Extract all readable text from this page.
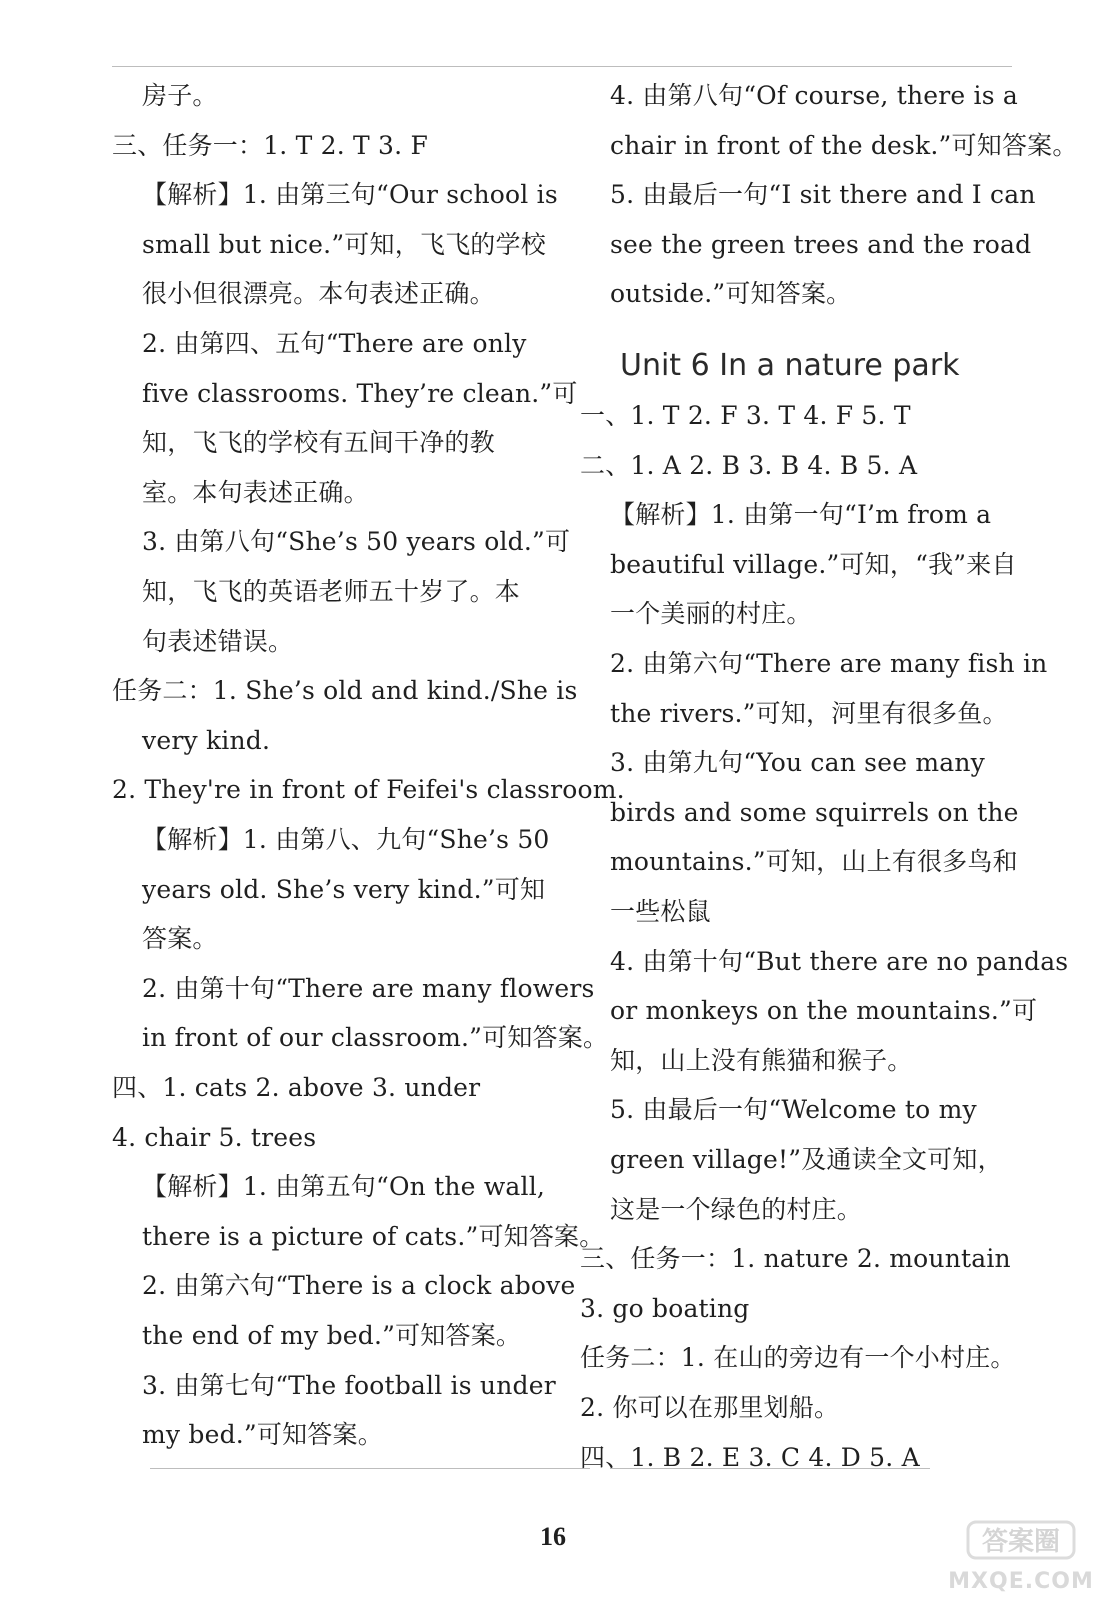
房子。
三、任务一：1. T 2. T 3. F
【解析】1. 由第三句“Our school is
small but nice.”可知，飞飞的学校
很小但很漂亮。本句表述正确。
2. 由第四、五句“There are only
five classrooms. They’re clean.”可
知，飞飞的学校有五间干净的教
室。本句表述正确。
3. 由第八句“She’s 50 years old.”可
知，飞飞的英语老师五十岁了。本
句表述错误。
任务二：1. She’s old and kind./She is
very kind.
2. They're in front of Feifei's classroom.
【解析】1. 由第八、九句“She’s 50
years old. She’s very kind.”可知
答案。
2. 由第十句“There are many flowers
in front of our classroom.”可知答案。
四、1. cats 2. above 3. under
4. chair 5. trees
【解析】1. 由第五句“On the wall,
there is a picture of cats.”可知答案。
2. 由第六句“There is a clock above
the end of my bed.”可知答案。
3. 由第七句“The football is under
my bed.”可知答案。
4. 由第八句“Of course, there is a
chair in front of the desk.”可知答案。
5. 由最后一句“I sit there and I can
see the green trees and the road
outside.”可知答案。
Unit 6 In a nature park
一、1. T 2. F 3. T 4. F 5. T
二、1. A 2. B 3. B 4. B 5. A
【解析】1. 由第一句“I’m from a
beautiful village.”可知，“我”来自
一个美丽的村庄。
2. 由第六句“There are many fish in
the rivers.”可知，河里有很多鱼。
3. 由第九句“You can see many
birds and some squirrels on the
mountains.”可知，山上有很多鸟和
一些松鼠
4. 由第十句“But there are no pandas
or monkeys on the mountains.”可
知，山上没有熊猫和猴子。
5. 由最后一句“Welcome to my
green village!”及通读全文可知，
这是一个绿色的村庄。
三、任务一：1. nature 2. mountain
3. go boating
任务二：1. 在山的旁边有一个小村庄。
2. 你可以在那里划船。
四、1. B 2. E 3. C 4. D 5. A
16	答案圈
MXQE.COM
